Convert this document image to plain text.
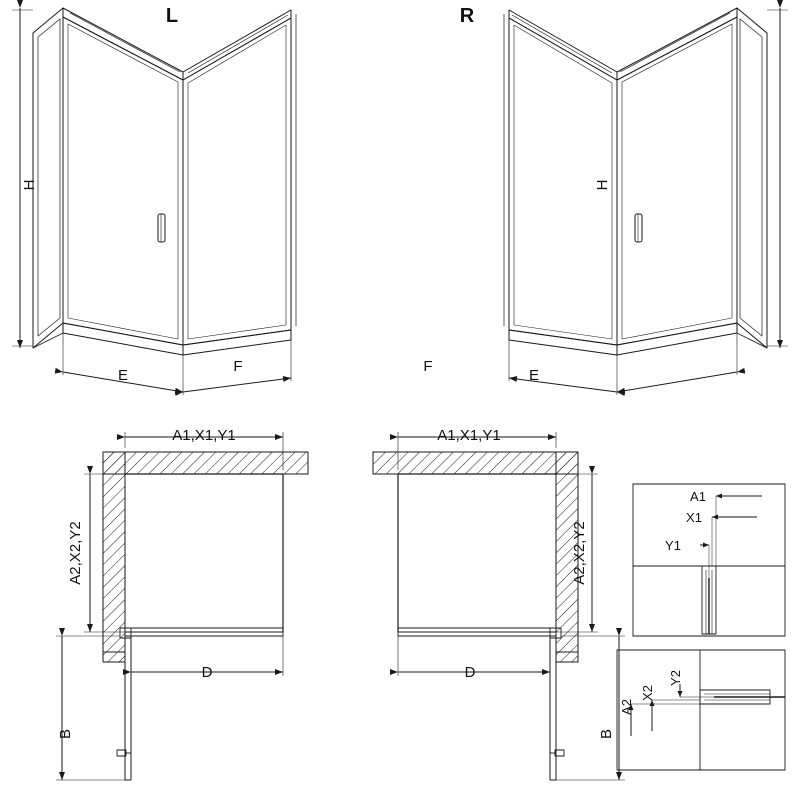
L	R
H
E
F
H
F
E
A1,X1,Y1
A2,X2,Y2
D
B
A1,X1,Y1
A2,X2,Y2
D
B
A1
X1
Y1
A2
X2
Y2
